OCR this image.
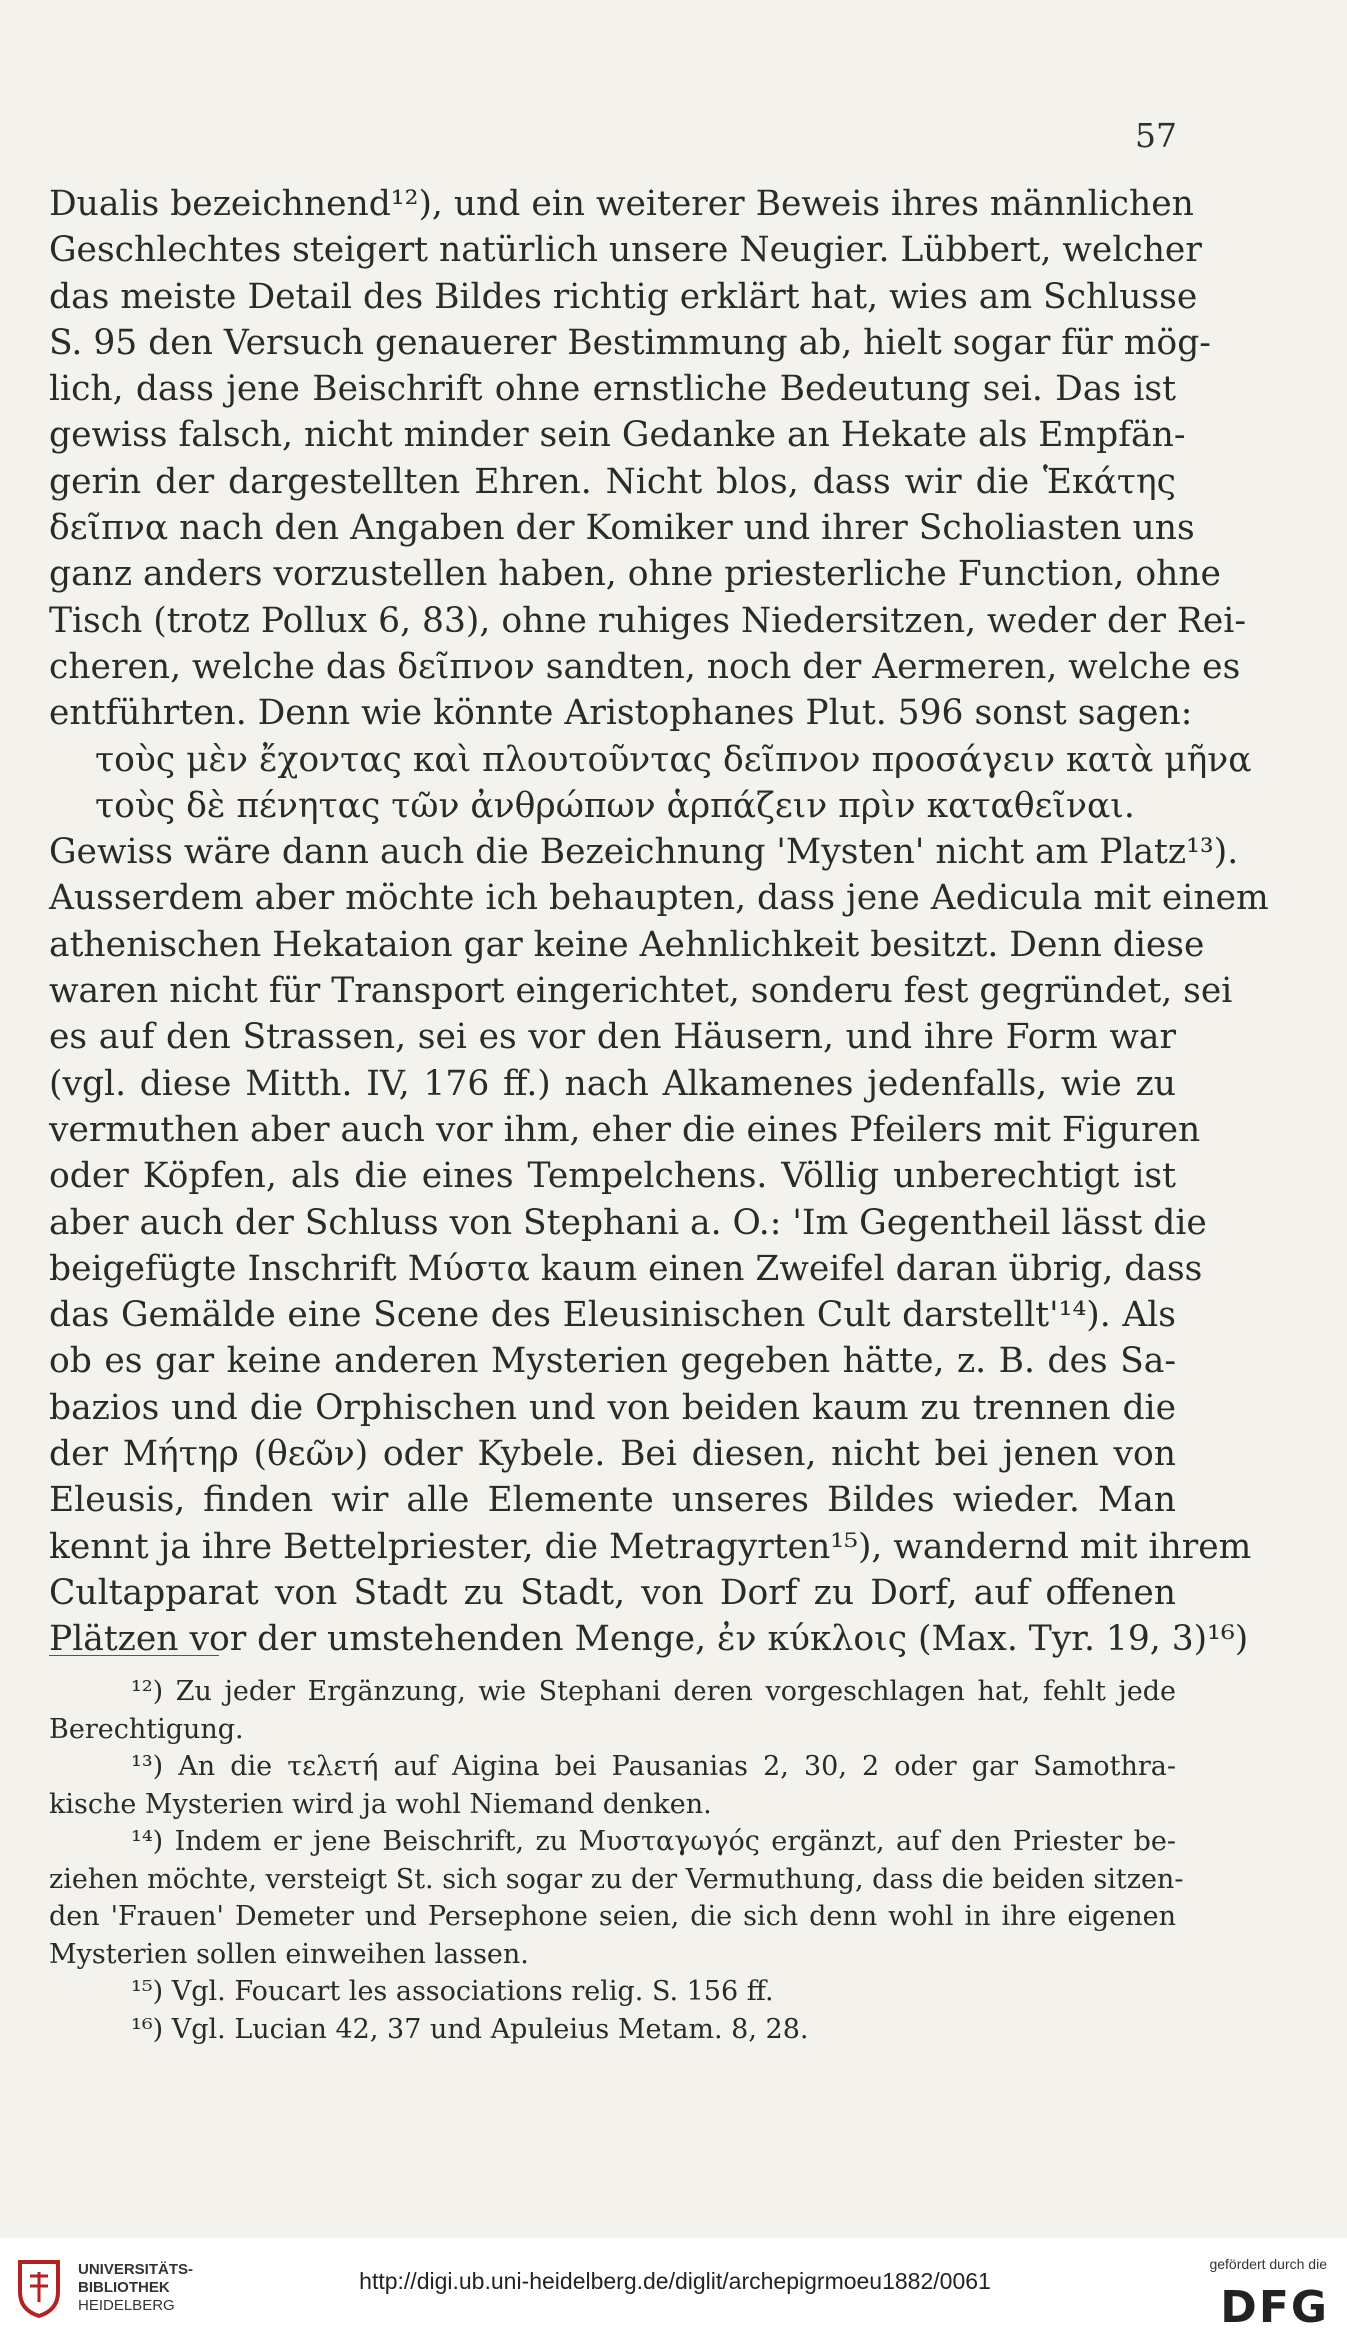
57
Dualis bezeichnend¹²), und ein weiterer Beweis ihres männlichen
Geschlechtes steigert natürlich unsere Neugier. Lübbert, welcher
das meiste Detail des Bildes richtig erklärt hat, wies am Schlusse
S. 95 den Versuch genauerer Bestimmung ab, hielt sogar für mög-
lich, dass jene Beischrift ohne ernstliche Bedeutung sei. Das ist
gewiss falsch, nicht minder sein Gedanke an Hekate als Empfän-
gerin der dargestellten Ehren. Nicht blos, dass wir die Ἑκάτης
δεῖπνα nach den Angaben der Komiker und ihrer Scholiasten uns
ganz anders vorzustellen haben, ohne priesterliche Function, ohne
Tisch (trotz Pollux 6, 83), ohne ruhiges Niedersitzen, weder der Rei-
cheren, welche das δεῖπνον sandten, noch der Aermeren, welche es
entführten. Denn wie könnte Aristophanes Plut. 596 sonst sagen:
τοὺς μὲν ἔχοντας καὶ πλουτοῦντας δεῖπνον προσάγειν κατὰ μῆνα
τοὺς δὲ πένητας τῶν ἀνθρώπων ἁρπάζειν πρὶν καταθεῖναι.
Gewiss wäre dann auch die Bezeichnung 'Mysten' nicht am Platz¹³).
Ausserdem aber möchte ich behaupten, dass jene Aedicula mit einem
athenischen Hekataion gar keine Aehnlichkeit besitzt. Denn diese
waren nicht für Transport eingerichtet, sonderu fest gegründet, sei
es auf den Strassen, sei es vor den Häusern, und ihre Form war
(vgl. diese Mitth. IV, 176 ff.) nach Alkamenes jedenfalls, wie zu
vermuthen aber auch vor ihm, eher die eines Pfeilers mit Figuren
oder Köpfen, als die eines Tempelchens. Völlig unberechtigt ist
aber auch der Schluss von Stephani a. O.: 'Im Gegentheil lässt die
beigefügte Inschrift Μύστα kaum einen Zweifel daran übrig, dass
das Gemälde eine Scene des Eleusinischen Cult darstellt'¹⁴). Als
ob es gar keine anderen Mysterien gegeben hätte, z. B. des Sa-
bazios und die Orphischen und von beiden kaum zu trennen die
der Μήτηρ (θεῶν) oder Kybele. Bei diesen, nicht bei jenen von
Eleusis, finden wir alle Elemente unseres Bildes wieder. Man
kennt ja ihre Bettelpriester, die Metragyrten¹⁵), wandernd mit ihrem
Cultapparat von Stadt zu Stadt, von Dorf zu Dorf, auf offenen
Plätzen vor der umstehenden Menge, ἐν κύκλοις (Max. Tyr. 19, 3)¹⁶)
¹²) Zu jeder Ergänzung, wie Stephani deren vorgeschlagen hat, fehlt jede
Berechtigung.
¹³) An die τελετή auf Aigina bei Pausanias 2, 30, 2 oder gar Samothra-
kische Mysterien wird ja wohl Niemand denken.
¹⁴) Indem er jene Beischrift, zu Μυσταγωγός ergänzt, auf den Priester be-
ziehen möchte, versteigt St. sich sogar zu der Vermuthung, dass die beiden sitzen-
den 'Frauen' Demeter und Persephone seien, die sich denn wohl in ihre eigenen
Mysterien sollen einweihen lassen.
¹⁵) Vgl. Foucart les associations relig. S. 156 ff.
¹⁶) Vgl. Lucian 42, 37 und Apuleius Metam. 8, 28.
UNIVERSITÄTS-
BIBLIOTHEK
HEIDELBERG
http://digi.ub.uni-heidelberg.de/diglit/archepigrmoeu1882/0061
gefördert durch die
DFG
